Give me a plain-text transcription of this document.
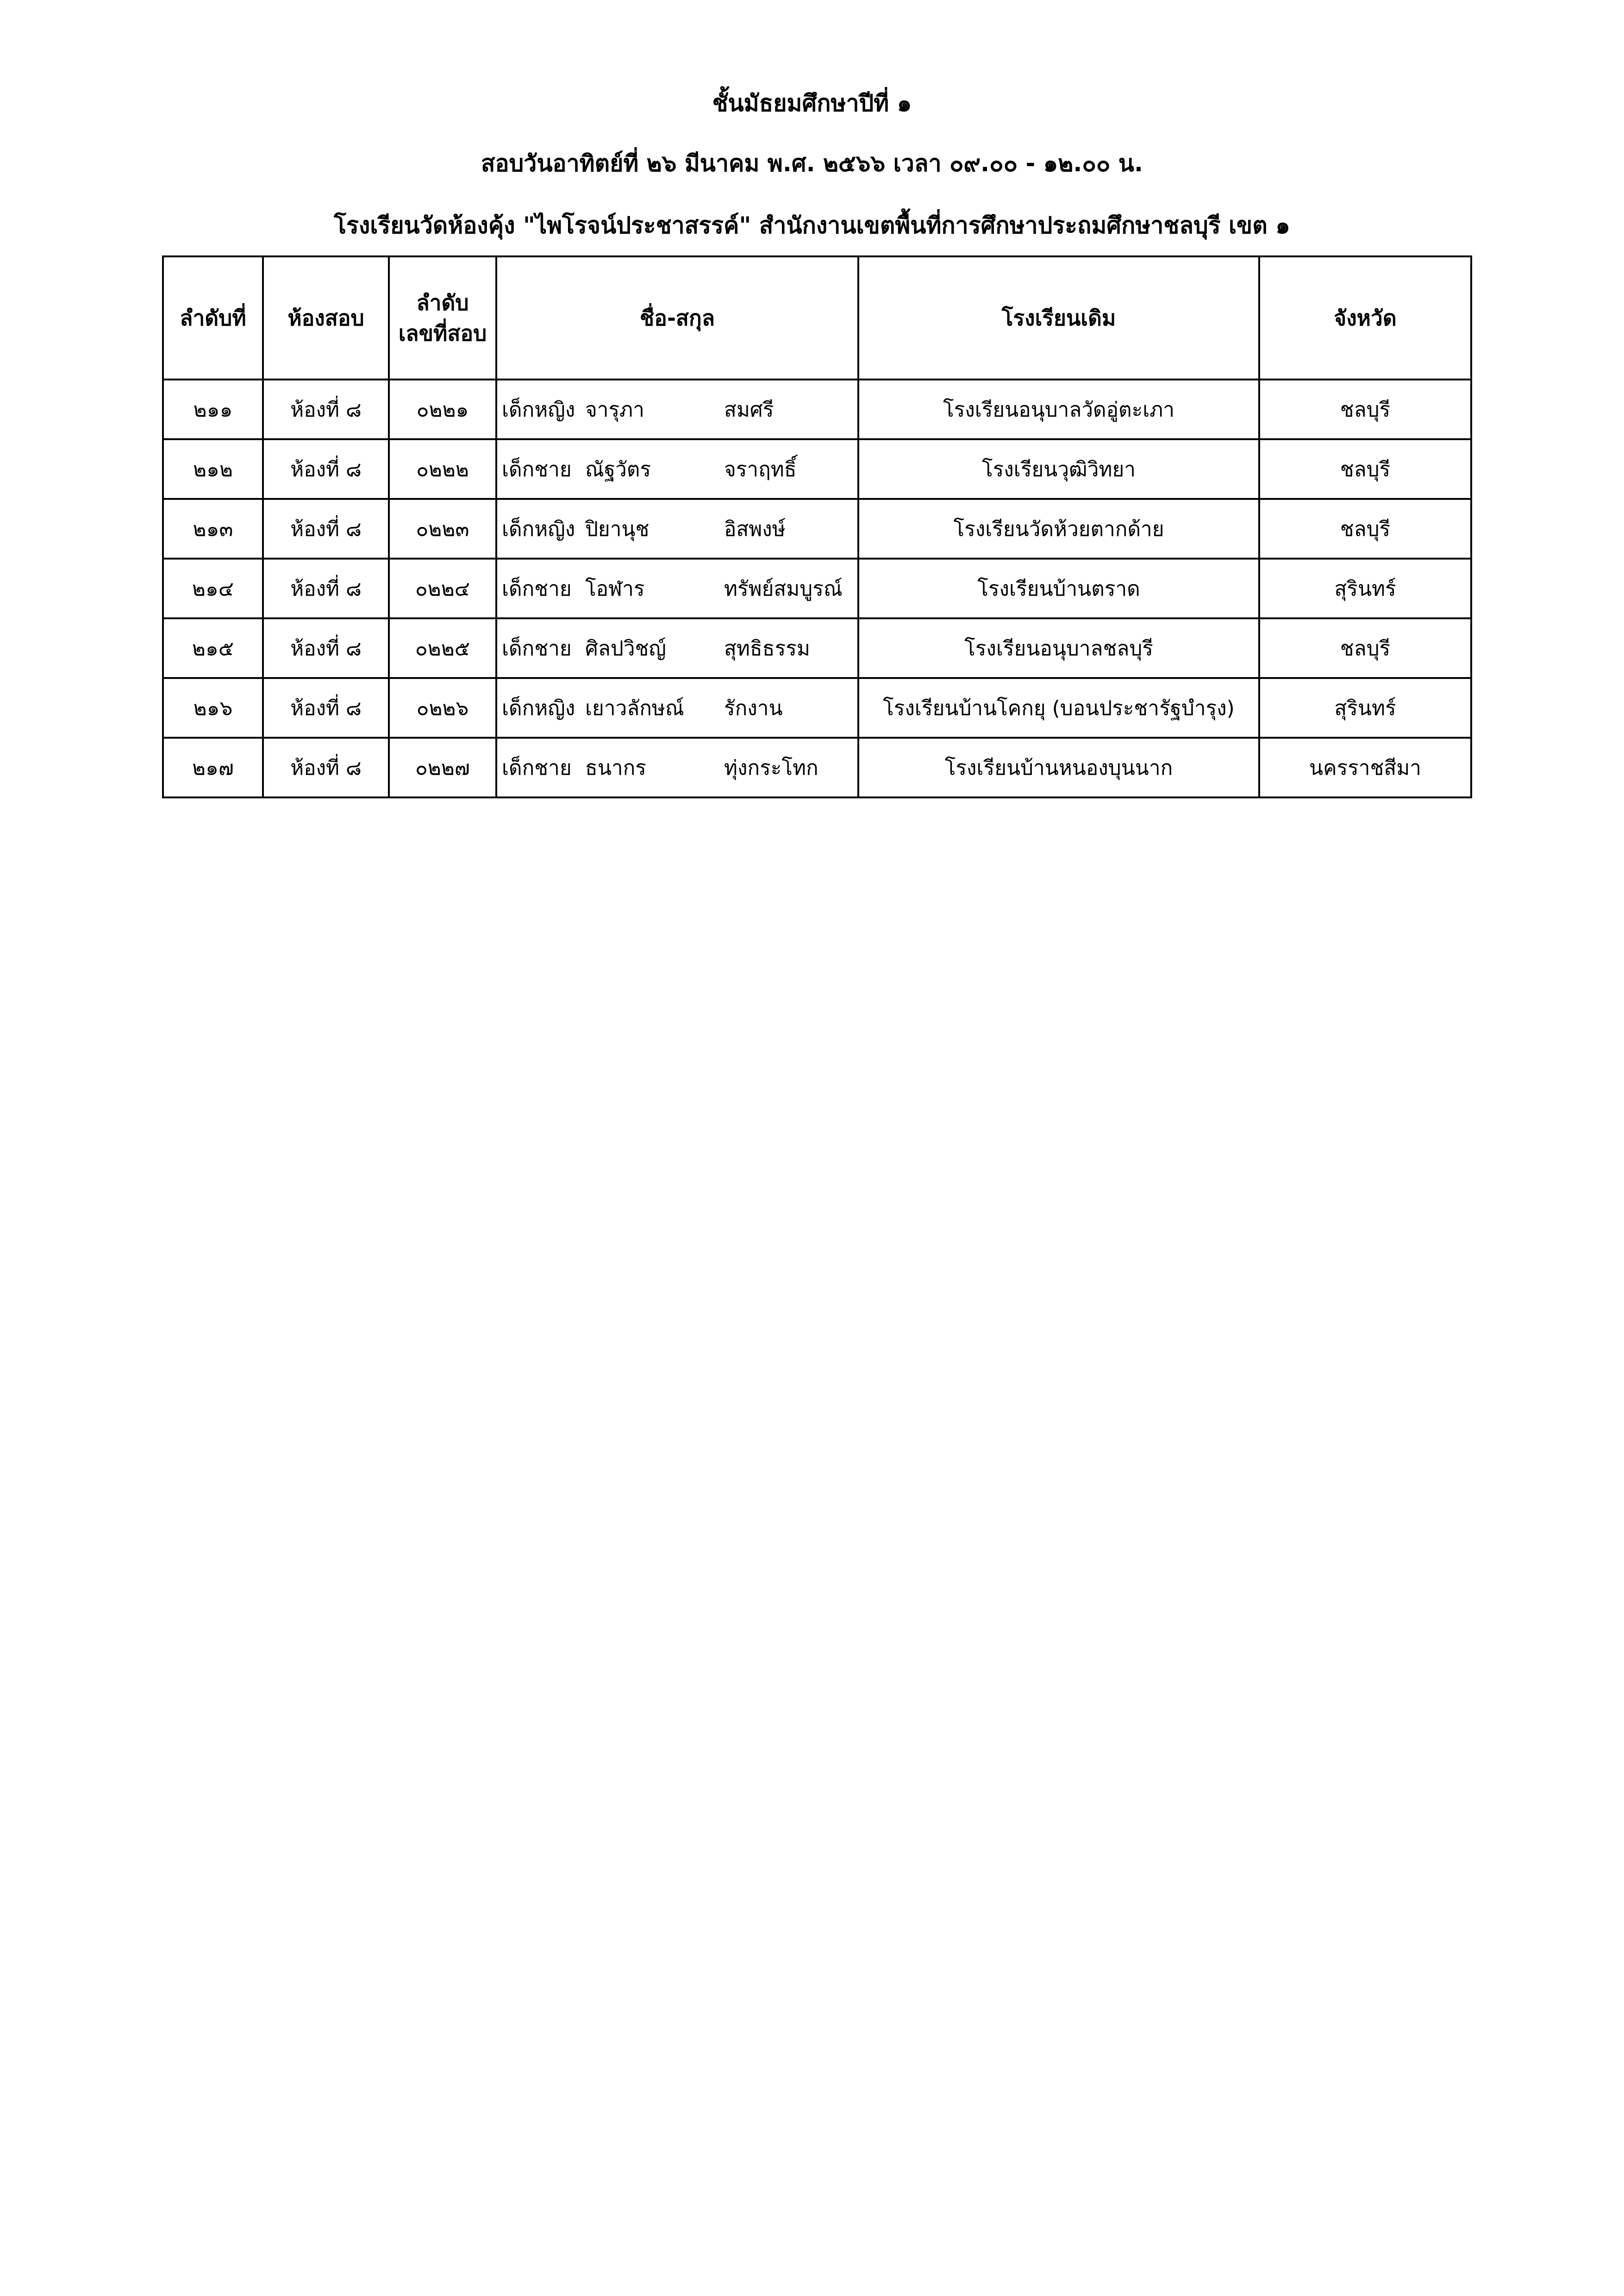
ชั้นมัธยมศึกษาปีที่ ๑
สอบวันอาทิตย์ที่ ๒๖ มีนาคม พ.ศ. ๒๕๖๖ เวลา ๐๙.๐๐ - ๑๒.๐๐ น.
โรงเรียนวัดห้องคุ้ง "ไพโรจน์ประชาสรรค์" สำนักงานเขตพื้นที่การศึกษาประถมศึกษาชลบุรี เขต ๑
ลำดับที่	ห้องสอบ	ลำดับ
เลขที่สอบ	ชื่อ-สกุล	โรงเรียนเดิม	จังหวัด
๒๑๑	ห้องที่ ๘	๐๒๒๑	เด็กหญิง จารุภา สมศรี	โรงเรียนอนุบาลวัดอู่ตะเภา	ชลบุรี
๒๑๒	ห้องที่ ๘	๐๒๒๒	เด็กชาย ณัฐวัตร จราฤทธิ์	โรงเรียนวุฒิวิทยา	ชลบุรี
๒๑๓	ห้องที่ ๘	๐๒๒๓	เด็กหญิง ปิยานุช อิสพงษ์	โรงเรียนวัดห้วยตากด้าย	ชลบุรี
๒๑๔	ห้องที่ ๘	๐๒๒๔	เด็กชาย โอฬาร ทรัพย์สมบูรณ์	โรงเรียนบ้านตราด	สุรินทร์
๒๑๕	ห้องที่ ๘	๐๒๒๕	เด็กชาย ศิลปวิชญ์ สุทธิธรรม	โรงเรียนอนุบาลชลบุรี	ชลบุรี
๒๑๖	ห้องที่ ๘	๐๒๒๖	เด็กหญิง เยาวลักษณ์ รักงาน	โรงเรียนบ้านโคกยุ (บอนประชารัฐบำรุง)	สุรินทร์
๒๑๗	ห้องที่ ๘	๐๒๒๗	เด็กชาย ธนากร ทุ่งกระโทก	โรงเรียนบ้านหนองบุนนาก	นครราชสีมา
